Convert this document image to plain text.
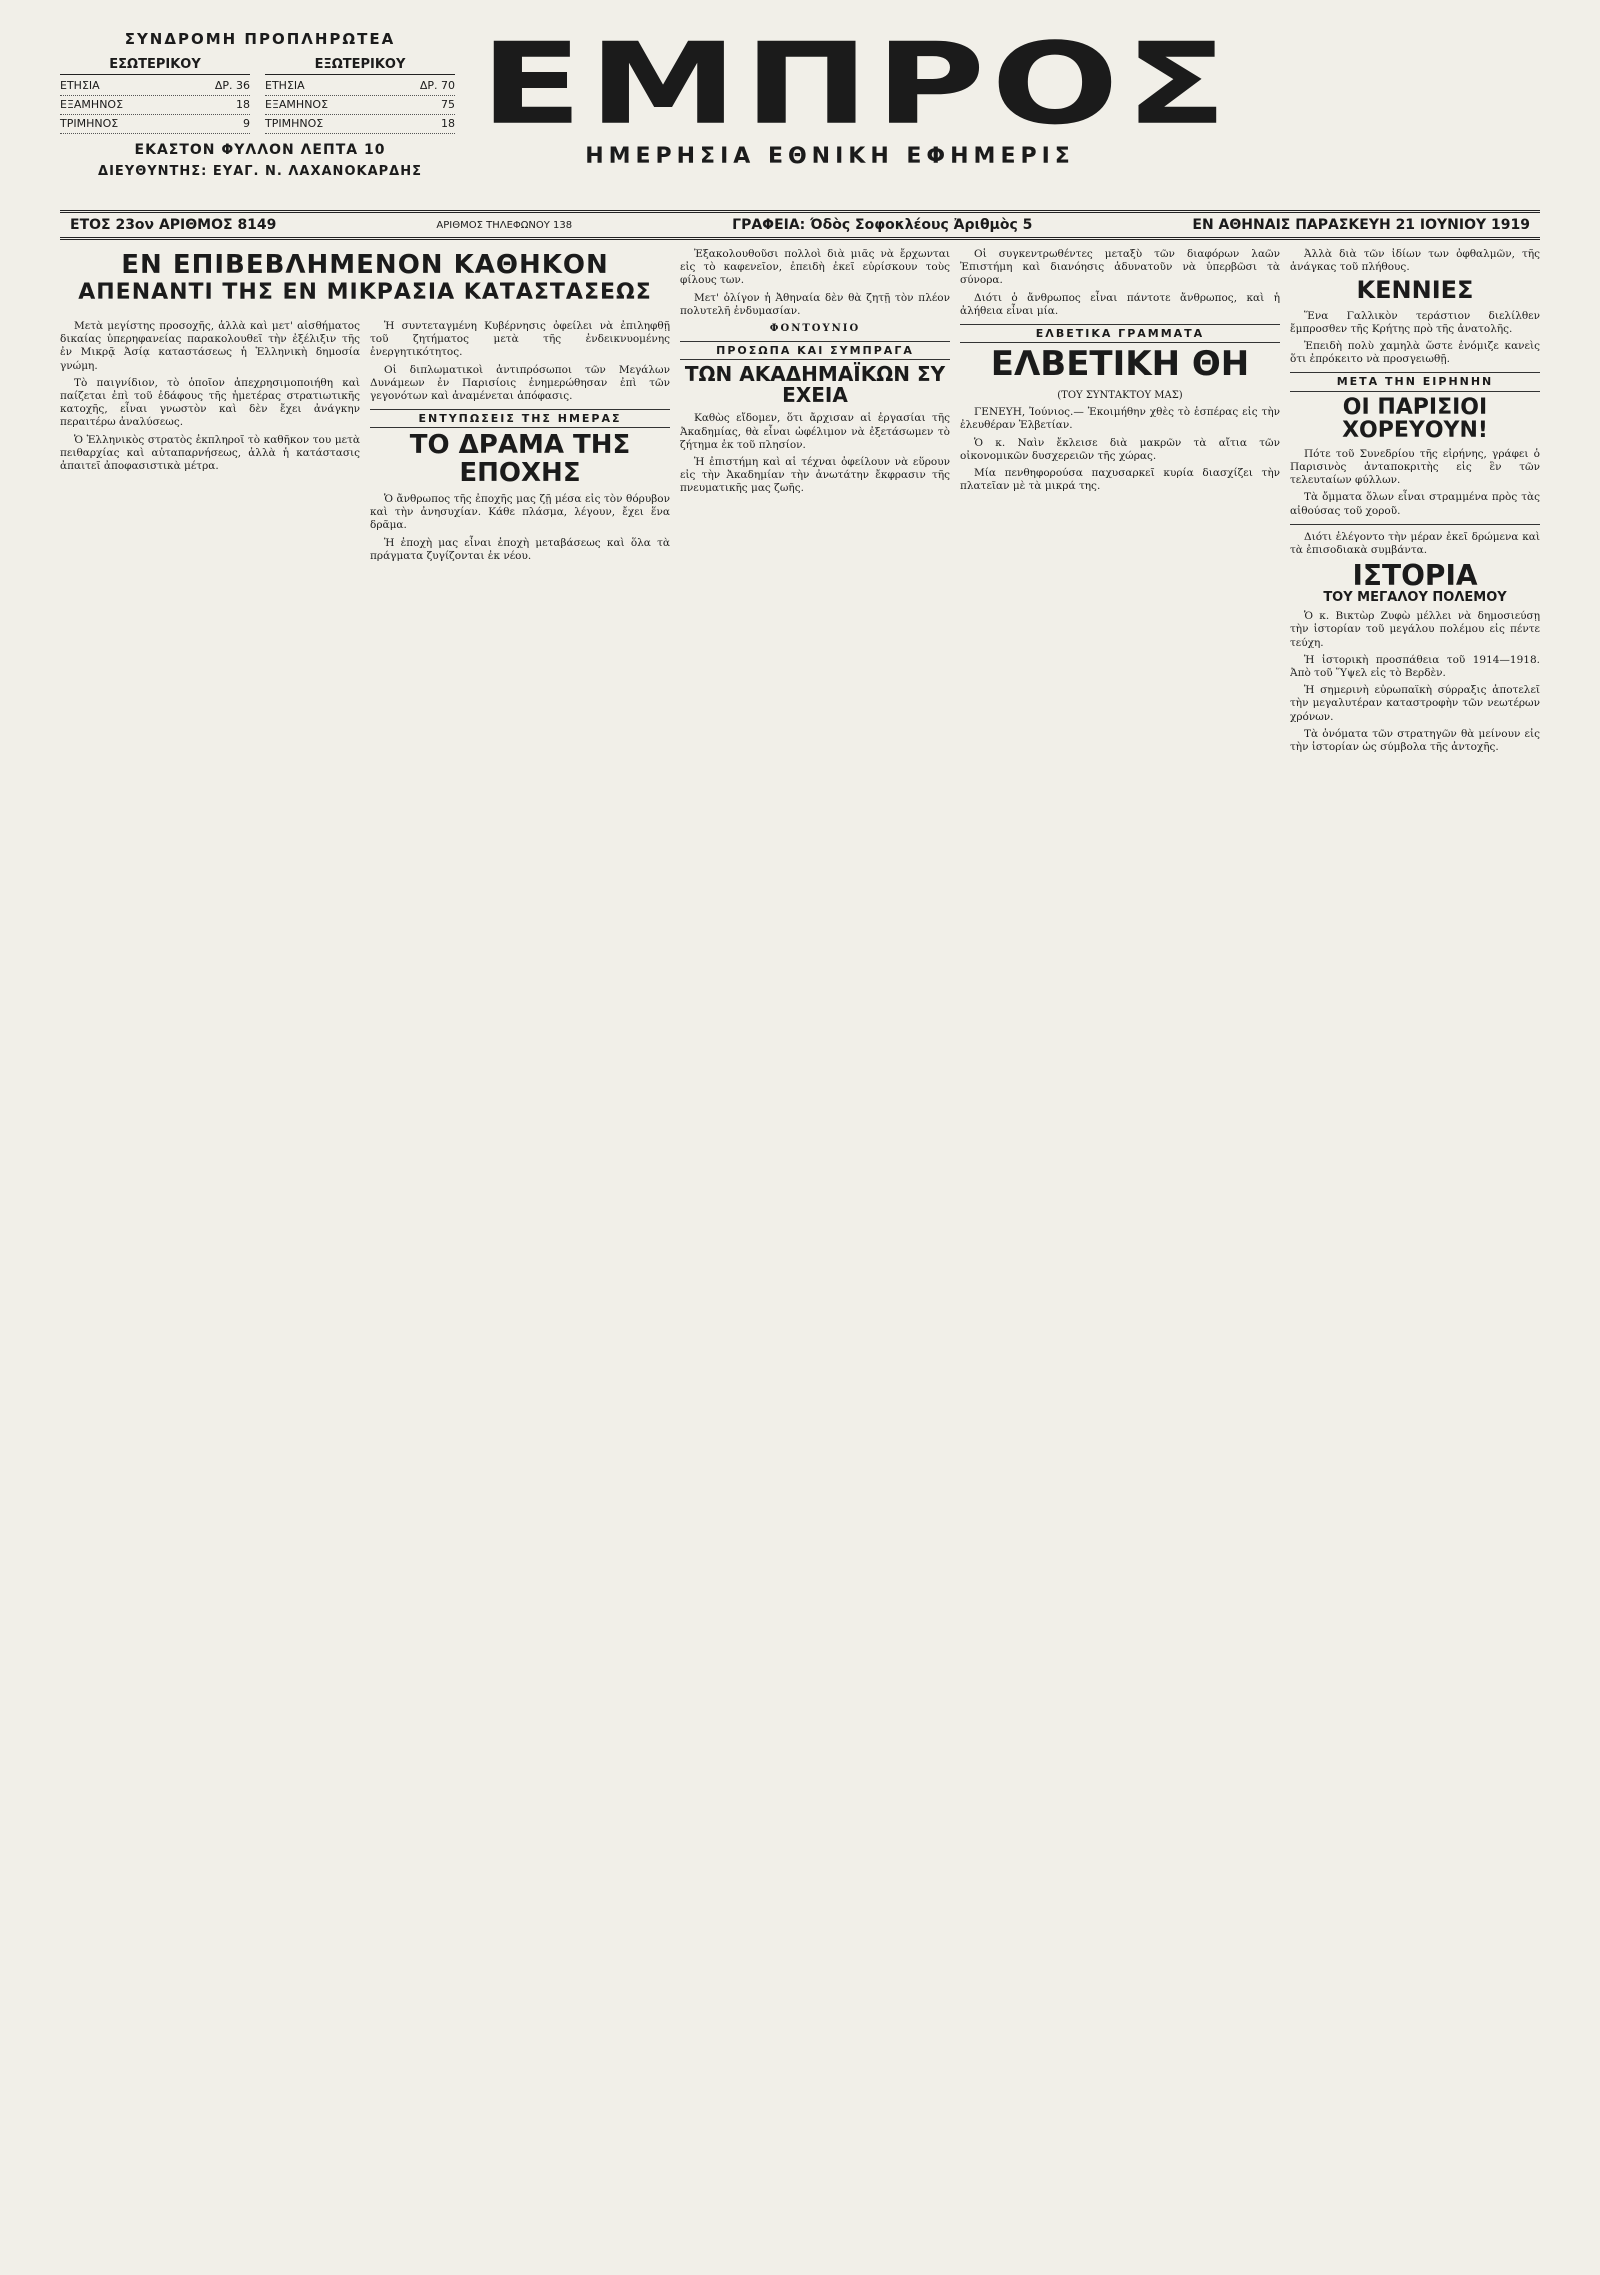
ΣΥΝΔΡΟΜΗ ΠΡΟΠΛΗΡΩΤΕΑ
ΕΣΩΤΕΡΙΚΟΥ
ΕΤΗΣΙΑ	ΔΡ. 36
ΕΞΑΜΗΝΟΣ	18
ΤΡΙΜΗΝΟΣ	9
ΕΞΩΤΕΡΙΚΟΥ
ΕΤΗΣΙΑ	ΔΡ. 70
ΕΞΑΜΗΝΟΣ	75
ΤΡΙΜΗΝΟΣ	18
ΕΚΑΣΤΟΝ ΦΥΛΛΟΝ ΛΕΠΤΑ 10
ΔΙΕΥΘΥΝΤΗΣ: ΕΥΑΓ. Ν. ΛΑΧΑΝΟΚΑΡΔΗΣ
ΕΜΠΡΟΣ
ΗΜΕΡΗΣΙΑ ΕΘΝΙΚΗ ΕΦΗΜΕΡΙΣ
ΕΤΟΣ 23ον ΑΡΙΘΜΟΣ 8149	ΑΡΙΘΜΟΣ ΤΗΛΕΦΩΝΟΥ 138	ΓΡΑΦΕΙΑ: Όδὸς Σοφοκλέους Ἀριθμὸς 5	ΕΝ ΑΘΗΝΑΙΣ ΠΑΡΑΣΚΕΥΗ 21 ΙΟΥΝΙΟΥ 1919
ΕΝ ΕΠΙΒΕΒΛΗΜΕΝΟΝ ΚΑΘΗΚΟΝ
ΑΠΕΝΑΝΤΙ ΤΗΣ ΕΝ ΜΙΚΡΑΣΙΑ ΚΑΤΑΣΤΑΣΕΩΣ

Μετὰ μεγίστης προσοχῆς, ἀλλὰ καὶ μετ' αἰσθήματος δικαίας ὑπερηφανείας παρακολουθεῖ τὴν ἐξέλιξιν τῆς ἐν Μικρᾷ Ἀσίᾳ καταστάσεως ἡ Ἑλληνικὴ δημοσία γνώμη.

Τὸ παιγνίδιον, τὸ ὁποῖον ἀπεχρησιμοποιήθη καὶ παίζεται ἐπὶ τοῦ ἐδάφους τῆς ἡμετέρας στρατιωτικῆς κατοχῆς, εἶναι γνωστὸν καὶ δὲν ἔχει ἀνάγκην περαιτέρω ἀναλύσεως.

Ὁ Ἑλληνικὸς στρατὸς ἐκπληροῖ τὸ καθῆκον του μετὰ πειθαρχίας καὶ αὐταπαρνήσεως, ἀλλὰ ἡ κατάστασις ἀπαιτεῖ ἀποφασιστικὰ μέτρα.

Ἡ συντεταγμένη Κυβέρνησις ὀφείλει νὰ ἐπιληφθῇ τοῦ ζητήματος μετὰ τῆς ἐνδεικνυομένης ἐνεργητικότητος.

Οἱ διπλωματικοὶ ἀντιπρόσωποι τῶν Μεγάλων Δυνάμεων ἐν Παρισίοις ἐνημερώθησαν ἐπὶ τῶν γεγονότων καὶ ἀναμένεται ἀπόφασις.

ΕΝΤΥΠΩΣΕΙΣ ΤΗΣ ΗΜΕΡΑΣ
ΤΟ ΔΡΑΜΑ ΤΗΣ ΕΠΟΧΗΣ

Ὁ ἄνθρωπος τῆς ἐποχῆς μας ζῇ μέσα εἰς τὸν θόρυβον καὶ τὴν ἀνησυχίαν. Κάθε πλάσμα, λέγουν, ἔχει ἕνα δρᾶμα.

Ἡ ἐποχὴ μας εἶναι ἐποχὴ μεταβάσεως καὶ ὅλα τὰ πράγματα ζυγίζονται ἐκ νέου.

Ἐξακολουθοῦσι πολλοὶ διὰ μιᾶς νὰ ἔρχωνται εἰς τὸ καφενεῖον, ἐπειδὴ ἐκεῖ εὑρίσκουν τοὺς φίλους των.

Μετ' ὀλίγον ἡ Ἀθηναία δὲν θὰ ζητῇ τὸν πλέον πολυτελῆ ἐνδυμασίαν.

ΦΟΝΤΟΥΝΙΟ
ΠΡΟΣΩΠΑ ΚΑΙ ΣΥΜΠΡΑΓΑ
ΤΩΝ ΑΚΑΔΗΜΑΪΚΩΝ ΣΥ ΕΧΕΙΑ

Καθὼς εἴδομεν, ὅτι ἄρχισαν αἱ ἐργασίαι τῆς Ἀκαδημίας, θὰ εἶναι ὠφέλιμον νὰ ἐξετάσωμεν τὸ ζήτημα ἐκ τοῦ πλησίον.

Ἡ ἐπιστήμη καὶ αἱ τέχναι ὀφείλουν νὰ εὕρουν εἰς τὴν Ἀκαδημίαν τὴν ἀνωτάτην ἔκφρασιν τῆς πνευματικῆς μας ζωῆς.

Οἱ συγκεντρωθέντες μεταξὺ τῶν διαφόρων λαῶν Ἐπιστήμη καὶ διανόησις ἀδυνατοῦν νὰ ὑπερβῶσι τὰ σύνορα.

Διότι ὁ ἄνθρωπος εἶναι πάντοτε ἄνθρωπος, καὶ ἡ ἀλήθεια εἶναι μία.

ΕΛΒΕΤΙΚΑ ΓΡΑΜΜΑΤΑ
ΕΛΒΕΤΙΚΗ ΘΗ
(ΤΟΥ ΣΥΝΤΑΚΤΟΥ ΜΑΣ)

ΓΕΝΕΥΗ, Ἰούνιος.— Ἐκοιμήθην χθὲς τὸ ἑσπέρας εἰς τὴν ἐλευθέραν Ἑλβετίαν.

Ὁ κ. Ναὶν ἔκλεισε διὰ μακρῶν τὰ αἴτια τῶν οἰκονομικῶν δυσχερειῶν τῆς χώρας.

Μία πενθηφορούσα παχυσαρκεῖ κυρία διασχίζει τὴν πλατεῖαν μὲ τὰ μικρά της.

Ἀλλὰ διὰ τῶν ἰδίων των ὀφθαλμῶν, τῆς ἀνάγκας τοῦ πλήθους.

ΚΕΝΝΙΕΣ

Ἕνα Γαλλικὸν τεράστιον διελίλθεν ἔμπροσθεν τῆς Κρήτης πρὸ τῆς ἀνατολῆς.

Ἐπειδὴ πολὺ χαμηλὰ ὥστε ἐνόμιζε κανεὶς ὅτι ἐπρόκειτο νὰ προσγειωθῇ.

ΜΕΤΑ ΤΗΝ ΕΙΡΗΝΗΝ
ΟΙ ΠΑΡΙΣΙΟΙ ΧΟΡΕΥΟΥΝ!

Πότε τοῦ Συνεδρίου τῆς εἰρήνης, γράφει ὁ Παρισινὸς ἀνταποκριτὴς εἰς ἓν τῶν τελευταίων φύλλων.

Τὰ ὄμματα ὅλων εἶναι στραμμένα πρὸς τὰς αἰθούσας τοῦ χοροῦ.

Διότι ἐλέγοντο τὴν μέραν ἐκεῖ δρώμενα καὶ τὰ ἐπισοδιακὰ συμβάντα.

ΙΣΤΟΡΙΑ
ΤΟΥ ΜΕΓΑΛΟΥ ΠΟΛΕΜΟΥ

Ὁ κ. Βικτὼρ Ζυφὼ μέλλει νὰ δημοσιεύσῃ τὴν ἱστορίαν τοῦ μεγάλου πολέμου εἰς πέντε τεύχη.

Ἡ ἱστορικὴ προσπάθεια τοῦ 1914—1918. Ἀπὸ τοῦ Ὕψελ εἰς τὸ Βερδὲν.

Ἡ σημερινὴ εὐρωπαϊκὴ σύρραξις ἀποτελεῖ τὴν μεγαλυτέραν καταστροφὴν τῶν νεωτέρων χρόνων.

Τὰ ὀνόματα τῶν στρατηγῶν θὰ μείνουν εἰς τὴν ἱστορίαν ὡς σύμβολα τῆς ἀντοχῆς.
